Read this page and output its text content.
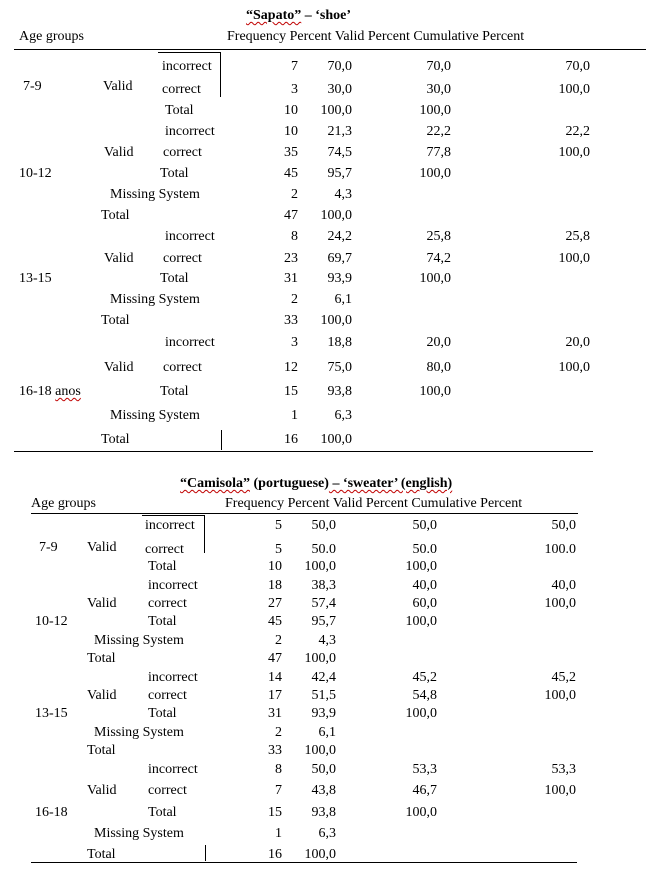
“Sapato” – ‘shoe’
Age groups	Frequency Percent Valid Percent Cumulative Percent
incorrect	7	70,0	70,0	70,0
7-9	Valid correct	3	30,0	30,0	100,0
Total	10	100,0	100,0
incorrect	10	21,3	22,2	22,2
Valid correct	35	74,5	77,8	100,0
10-12	Total	45	95,7	100,0
Missing System	2	4,3
Total	47	100,0
incorrect	8	24,2	25,8	25,8
Valid correct	23	69,7	74,2	100,0
13-15	Total	31	93,9	100,0
Missing System	2	6,1
Total	33	100,0
incorrect	3	18,8	20,0	20,0
Valid correct	12	75,0	80,0	100,0
16-18 anos	Total	15	93,8	100,0
Missing System	1	6,3
Total	16	100,0
“Camisola” (portuguese) – ‘sweater’ (english)
Age groups	Frequency Percent Valid Percent Cumulative Percent
incorrect	5	50,0	50,0	50,0
7-9 Valid correct	5	50.0	50.0	100.0
Total	10	100,0	100,0
incorrect	18	38,3	40,0	40,0
Valid correct	27	57,4	60,0	100,0
10-12	Total	45	95,7	100,0
Missing System	2	4,3
Total	47	100,0
incorrect	14	42,4	45,2	45,2
Valid correct	17	51,5	54,8	100,0
13-15	Total	31	93,9	100,0
Missing System	2	6,1
Total	33	100,0
incorrect	8	50,0	53,3	53,3
Valid correct	7	43,8	46,7	100,0
16-18	Total	15	93,8	100,0
Missing System	1	6,3
Total	16	100,0
